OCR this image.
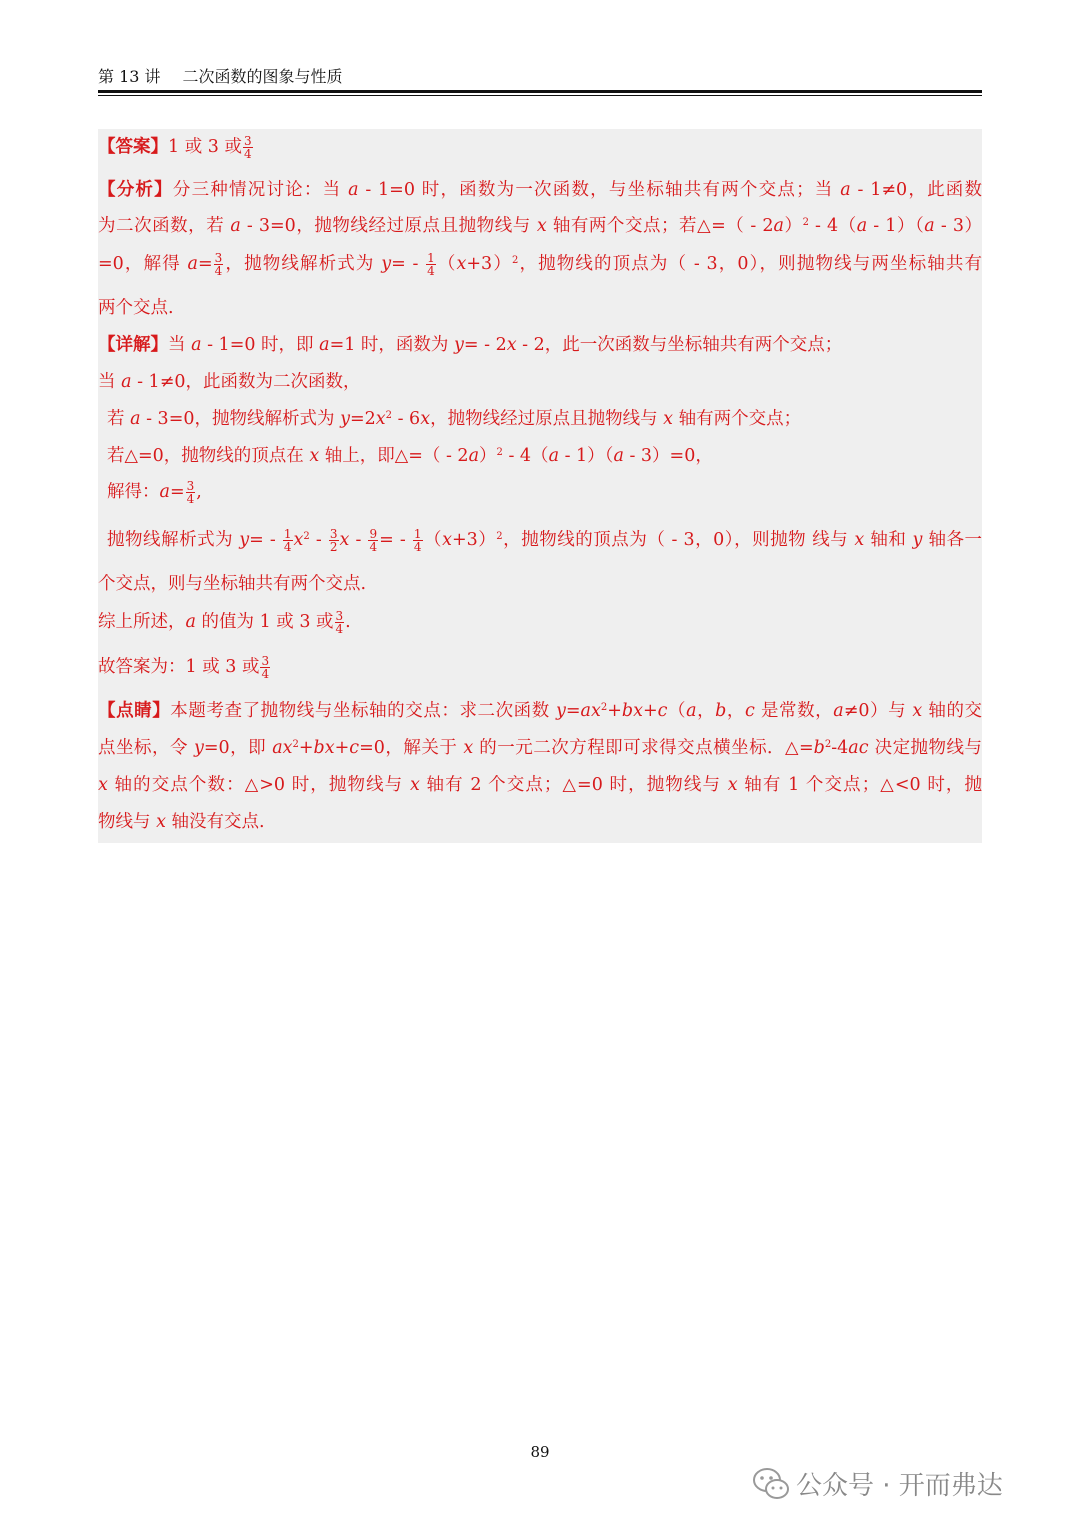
第 13 讲 二次函数的图象与性质
【答案】1 或 3 或 $\frac{3}{4}$
【分析】分三种情况讨论：当 a - 1=0 时，函数为一次函数，与坐标轴共有两个交点；当 a - 1≠0，此函数
为二次函数，若 a - 3=0，抛物线经过原点且抛物线与 x 轴有两个交点；若△=（ - 2a）$^2$ - 4（a - 1）（a - 3）
=0，解得 $a= \frac{3}{4}$ ，抛物线解析式为 $y= - \frac{1}{4} (x+3)^2$，抛物线的顶点为（ - 3，0），则抛物线与两坐标轴共有
两个交点.
【详解】当 a - 1=0 时，即 a=1 时，函数为 y= - 2x - 2，此一次函数与坐标轴共有两个交点；
当 a - 1≠0，此函数为二次函数，
若 a - 3=0，抛物线解析式为 $y=2x^2 - 6x$，抛物线经过原点且抛物线与 x 轴有两个交点；
若△=0，抛物线的顶点在 x 轴上，即△=（ - 2a）$^2$ - 4（a - 1）（a - 3）=0，
解得：$a= \frac{3}{4}$ ,
抛物线解析式为 $y= - \frac{1}{4} x^2 - \frac{3}{2}$ x - $\frac{9}{4}$ = - $\frac{1}{4} (x+3)^2$，抛物线的顶点为（ - 3，0），则抛物 线与 x 轴和 y 轴各一
个交点，则与坐标轴共有两个交点.
综上所述，a 的值为 1 或 3 或 $\frac{3}{4}$ .
故答案为：1 或 3 或 $\frac{3}{4}$
【点睛】本题考查了抛物线与坐标轴的交点：求二次函数 $y=ax^2+bx+c(a$，b，c 是常数，a≠0）与 x 轴的交
点坐标，令 y=0，即 $ax^2+bx+c=0$，解关于 x 的一元二次方程即可求得交点横坐标．$\triangle=b^2-4ac$ 决定抛物线与
x 轴的交点个数：△>0 时，抛物线与 x 轴有 2 个交点；△=0 时，抛物线与 x 轴有 1 个交点；△<0 时，抛
物线与 x 轴没有交点.
89
公众号 · 开而弗达
